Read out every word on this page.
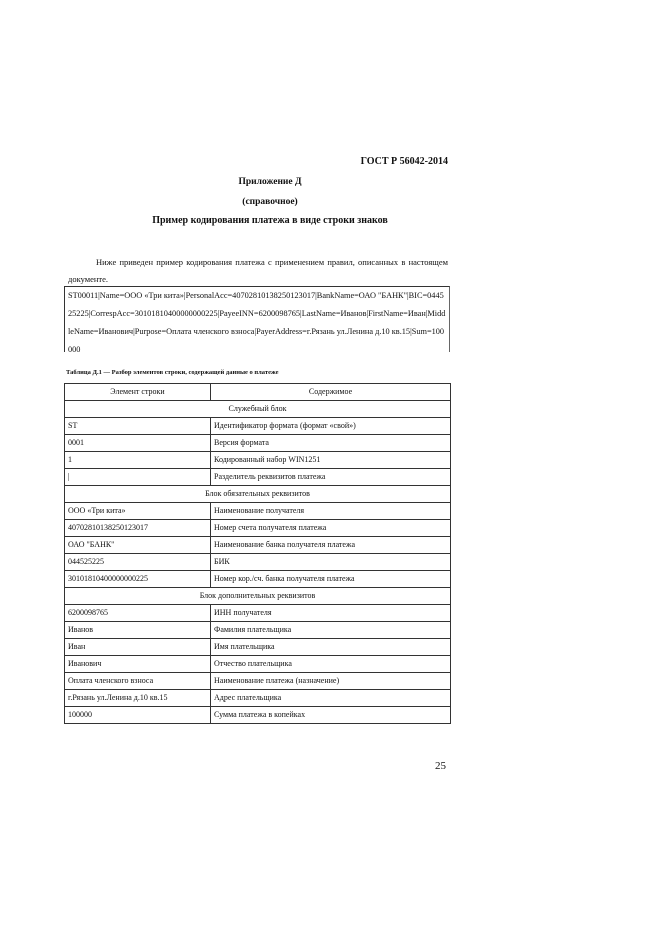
ГОСТ Р 56042-2014
Приложение Д
(справочное)
Пример кодирования платежа в виде строки знаков
Ниже приведен пример кодирования платежа с применением правил, описанных в настоящем документе.
ST00011|Name=ООО «Три кита»|PersonalAcc=40702810138250123017|BankName=ОАО "БАНК"|BIC=044525225|CorrespAcc=30101810400000000225|PayeeINN=6200098765|LastName=Иванов|FirstName=Иван|MiddleName=Иванович|Purpose=Оплата членского взноса|PayerAddress=г.Рязань ул.Ленина д.10 кв.15|Sum=100000
Таблица Д.1 — Разбор элементов строки, содержащей данные о платеже
Элемент строки	Содержимое
Служебный блок	
ST	Идентификатор формата (формат «свой»)
0001	Версия формата
1	Кодированный набор WIN1251
|	Разделитель реквизитов платежа
Блок обязательных реквизитов	
ООО «Три кита»	Наименование получателя
40702810138250123017	Номер счета получателя платежа
ОАО "БАНК"	Наименование банка получателя платежа
044525225	БИК
30101810400000000225	Номер кор./сч. банка получателя платежа
Блок дополнительных реквизитов	
6200098765	ИНН получателя
Иванов	Фамилия плательщика
Иван	Имя плательщика
Иванович	Отчество плательщика
Оплата членского взноса	Наименование платежа (назначение)
г.Рязань ул.Ленина д.10 кв.15	Адрес плательщика
100000	Сумма платежа в копейках
25
